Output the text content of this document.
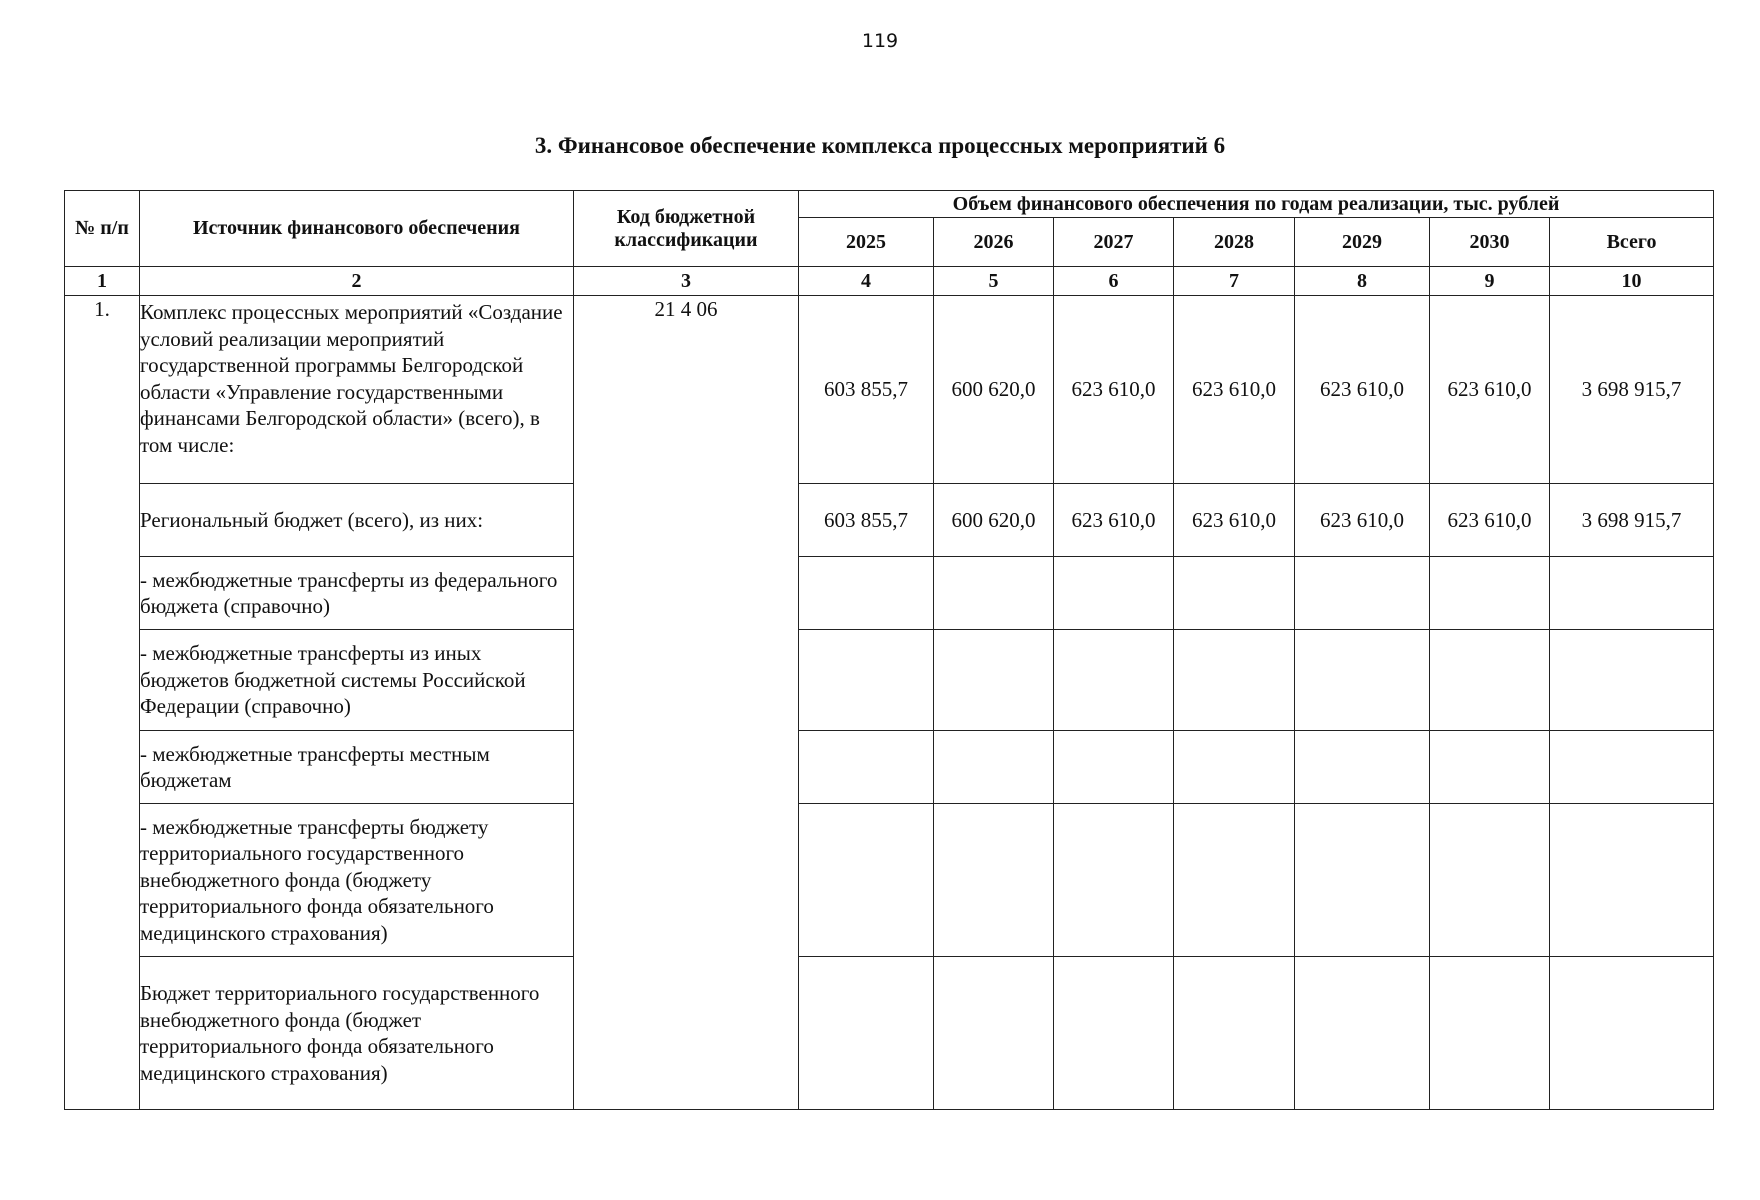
119
3. Финансовое обеспечение комплекса процессных мероприятий 6
№ п/п	Источник финансового обеспечения	Код бюджетной классификации	Объем финансового обеспечения по годам реализации, тыс. рублей						
			2025	2026	2027	2028	2029	2030	Всего
1	2	3	4	5	6	7	8	9	10
1.	Комплекс процессных мероприятий «Создание условий реализации мероприятий государственной программы Белгородской области «Управление государственными финансами Белгородской области» (всего), в том числе:	21 4 06	603 855,7	600 620,0	623 610,0	623 610,0	623 610,0	623 610,0	3 698 915,7
	Региональный бюджет (всего), из них:		603 855,7	600 620,0	623 610,0	623 610,0	623 610,0	623 610,0	3 698 915,7
	- межбюджетные трансферты из федерального бюджета (справочно)								
	- межбюджетные трансферты из иных бюджетов бюджетной системы Российской Федерации (справочно)								
	- межбюджетные трансферты местным бюджетам								
	- межбюджетные трансферты бюджету территориального государственного внебюджетного фонда (бюджету территориального фонда обязательного медицинского страхования)								
	Бюджет территориального государственного внебюджетного фонда (бюджет территориального фонда обязательного медицинского страхования)								
